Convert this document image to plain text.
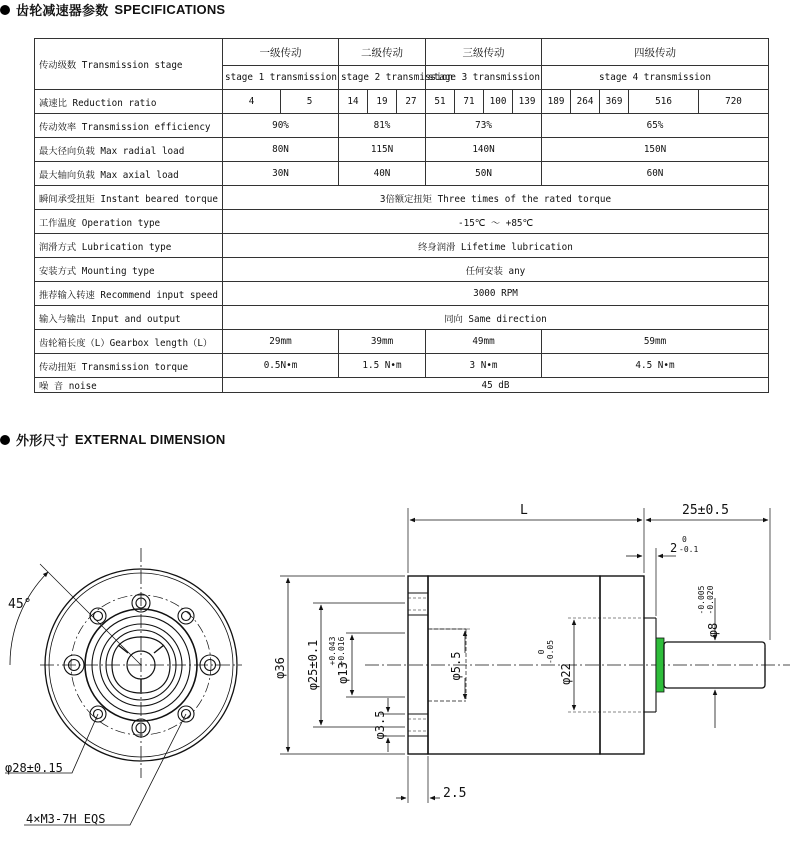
齿轮减速器参数 SPECIFICATIONS
传动级数 Transmission stage	一级传动		二级传动			三级传动				四级传动				
	stage 1 transmission		stage 2 transmission			stage 3 transmission				stage 4 transmission				
减速比 Reduction ratio	4	5	14	19	27	51	71	100	139	189	264	369	516	720
传动效率 Transmission efficiency	90%		81%			73%				65%				
最大径向负载 Max radial load	80N		115N			140N				150N				
最大轴向负载 Max axial load	30N		40N			50N				60N				
瞬间承受扭矩 Instant beared torque	3倍额定扭矩 Three times of the rated torque													
工作温度 Operation type	-15℃ ～ +85℃													
润滑方式 Lubrication type	终身润滑 Lifetime lubrication													
安装方式 Mounting type	任何安装 any													
推荐输入转速 Recommend input speed	3000 RPM													
输入与输出 Input and output	同向 Same direction													
齿轮箱长度（L）Gearbox length（L）	29mm		39mm			49mm				59mm				
传动扭矩 Transmission torque	0.5N•m		1.5 N•m			3 N•m				4.5 N•m				
噪 音 noise	45 dB													
外形尺寸 EXTERNAL DIMENSION
45°
φ28±0.15
4×M3-7H EQS
L	25±0.5
2
0
-0.1
φ36 φ25±0.1 φ13
+0.043 +0.016
φ3.5
φ5.5	φ22
0 -0.05
φ8
-0.005 -0.020
2.5
